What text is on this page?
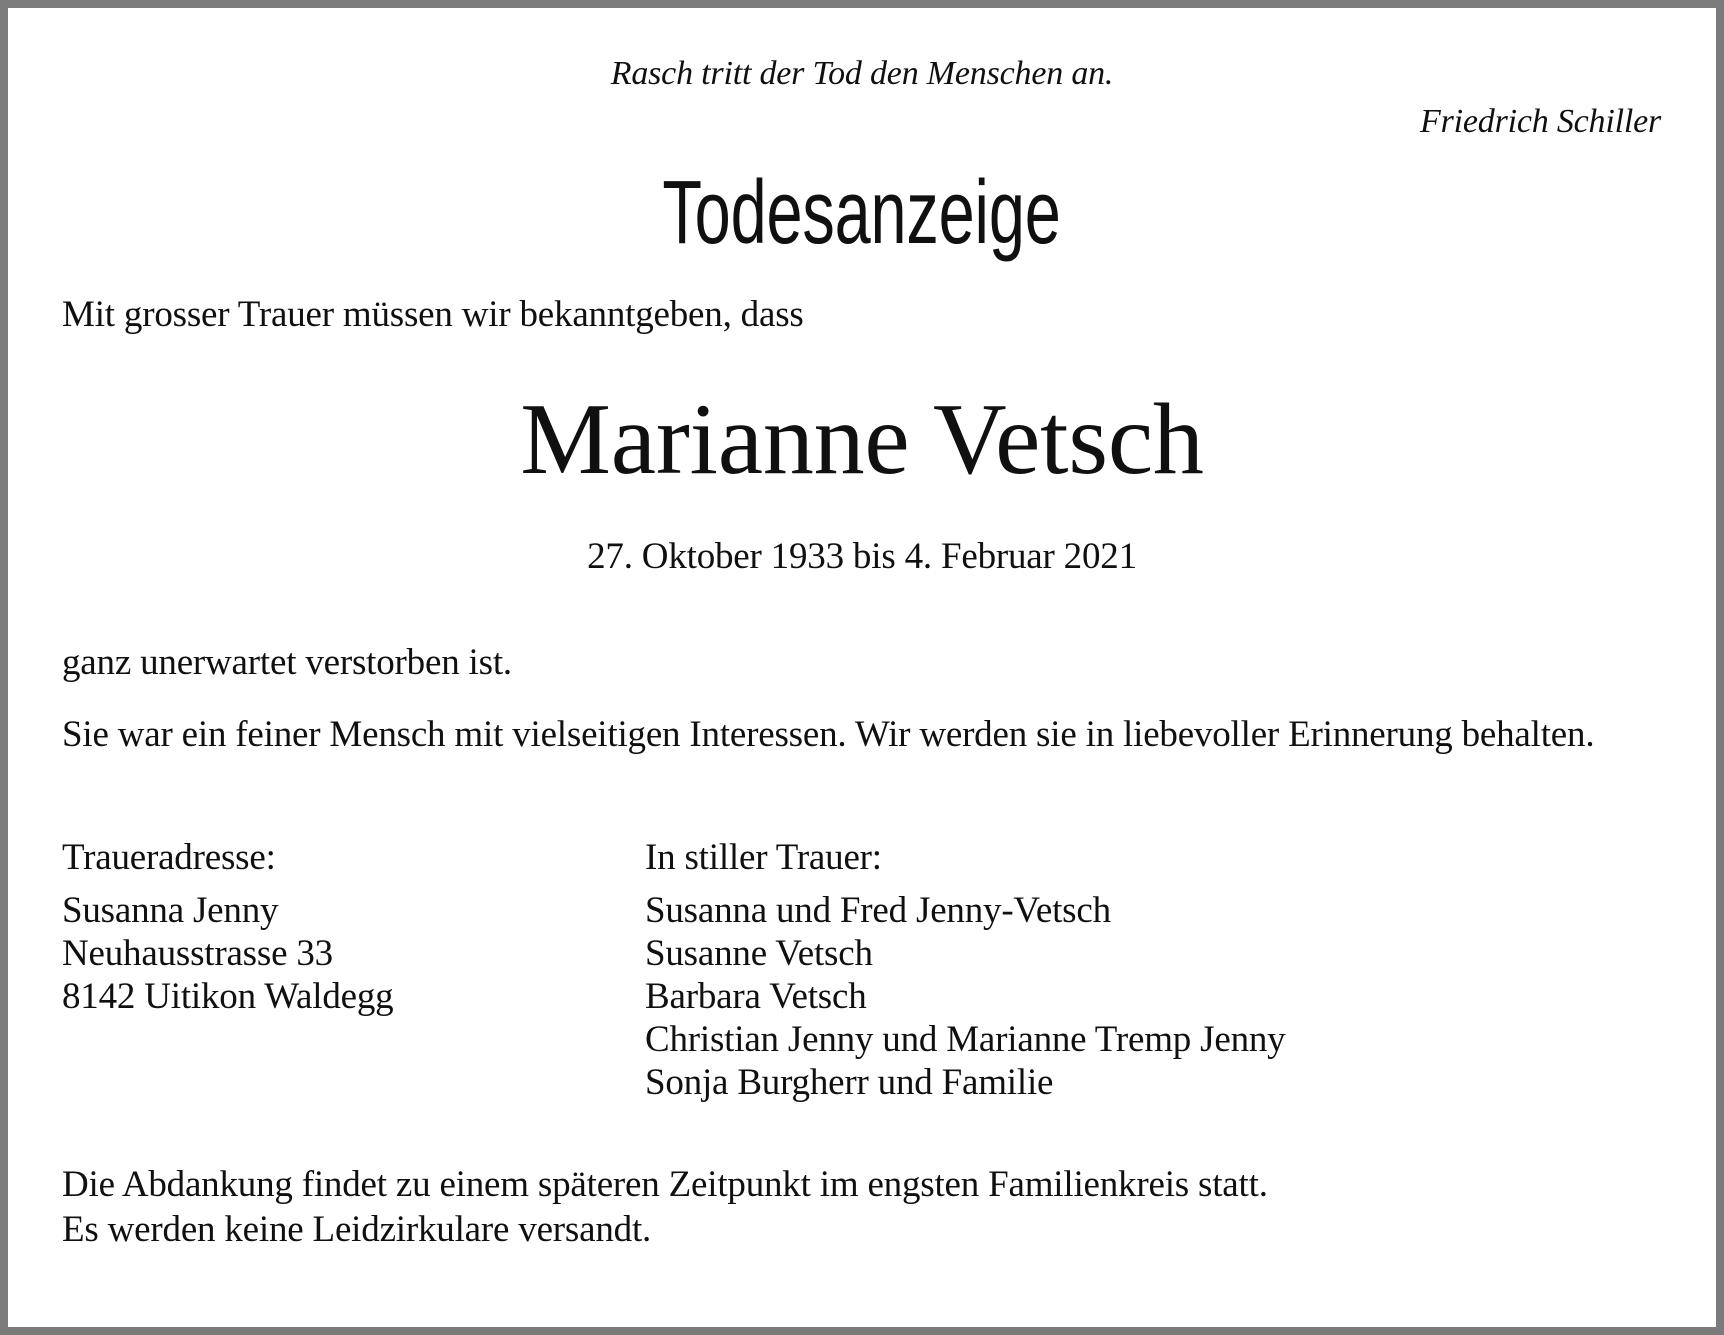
Rasch tritt der Tod den Menschen an.
Friedrich Schiller
Todesanzeige
Mit grosser Trauer müssen wir bekanntgeben, dass
Marianne Vetsch
27. Oktober 1933 bis 4. Februar 2021
ganz unerwartet verstorben ist.
Sie war ein feiner Mensch mit vielseitigen Interessen. Wir werden sie in liebevoller Erinnerung behalten.
Traueradresse:
Susanna Jenny
Neuhausstrasse 33
8142 Uitikon Waldegg
In stiller Trauer:
Susanna und Fred Jenny-Vetsch
Susanne Vetsch
Barbara Vetsch
Christian Jenny und Marianne Tremp Jenny
Sonja Burgherr und Familie
Die Abdankung findet zu einem späteren Zeitpunkt im engsten Familienkreis statt.
Es werden keine Leidzirkulare versandt.
